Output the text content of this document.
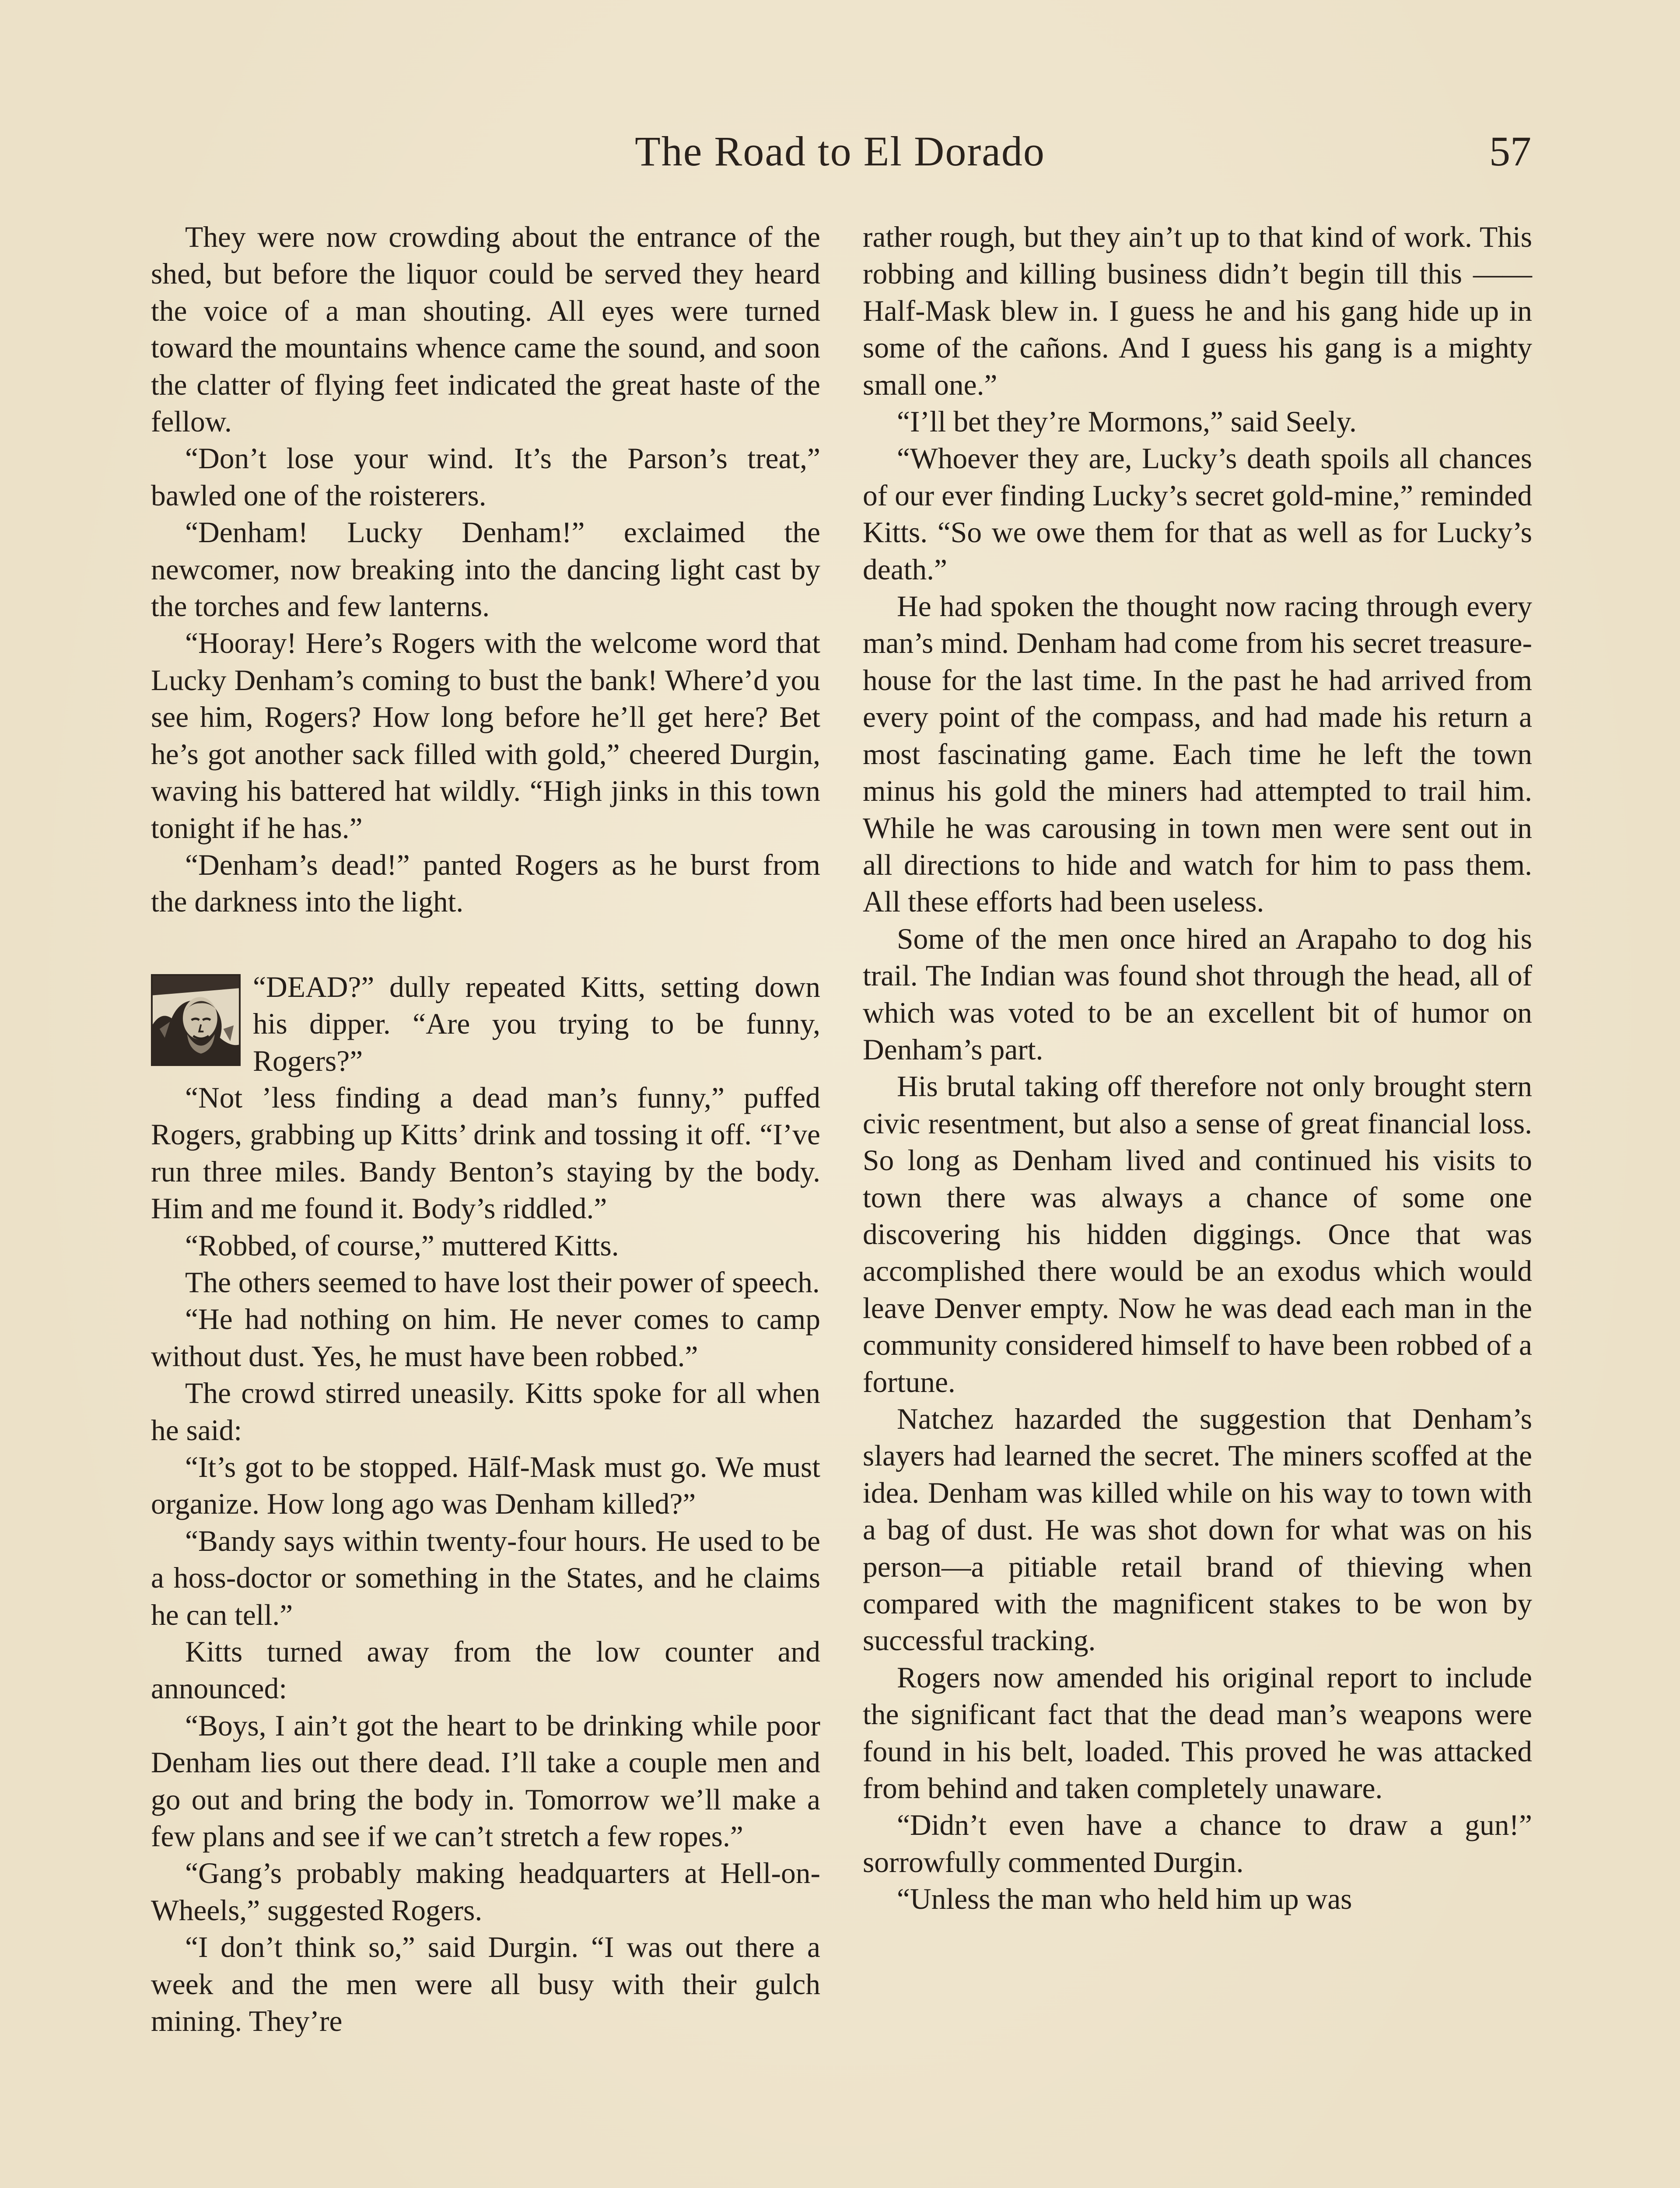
The Road to El Dorado	57

They were now crowding about the entrance of the shed, but before the liquor could be served they heard the voice of a man shouting. All eyes were turned toward the mountains whence came the sound, and soon the clatter of flying feet indicated the great haste of the fellow.

“Don’t lose your wind. It’s the Parson’s treat,” bawled one of the roisterers.

“Denham! Lucky Denham!” exclaimed the newcomer, now breaking into the dancing light cast by the torches and few lanterns.

“Hooray! Here’s Rogers with the welcome word that Lucky Denham’s coming to bust the bank! Where’d you see him, Rogers? How long before he’ll get here? Bet he’s got another sack filled with gold,” cheered Durgin, waving his battered hat wildly. “High jinks in this town tonight if he has.”

“Denham’s dead!” panted Rogers as he burst from the darkness into the light.

“DEAD?” dully repeated Kitts, setting down his dipper. “Are you trying to be funny, Rogers?”

“Not ’less finding a dead man’s funny,” puffed Rogers, grabbing up Kitts’ drink and tossing it off. “I’ve run three miles. Bandy Benton’s staying by the body. Him and me found it. Body’s riddled.”

“Robbed, of course,” muttered Kitts.

The others seemed to have lost their power of speech.

“He had nothing on him. He never comes to camp without dust. Yes, he must have been robbed.”

The crowd stirred uneasily. Kitts spoke for all when he said:

“It’s got to be stopped. Hālf-Mask must go. We must organize. How long ago was Denham killed?”

“Bandy says within twenty-four hours. He used to be a hoss-doctor or something in the States, and he claims he can tell.”

Kitts turned away from the low counter and announced:

“Boys, I ain’t got the heart to be drinking while poor Denham lies out there dead. I’ll take a couple men and go out and bring the body in. Tomorrow we’ll make a few plans and see if we can’t stretch a few ropes.”

“Gang’s probably making headquarters at Hell-on-Wheels,” suggested Rogers.

“I don’t think so,” said Durgin. “I was out there a week and the men were all busy with their gulch mining. They’re

rather rough, but they ain’t up to that kind of work. This robbing and killing business didn’t begin till this —— Half-Mask blew in. I guess he and his gang hide up in some of the cañons. And I guess his gang is a mighty small one.”

“I’ll bet they’re Mormons,” said Seely.

“Whoever they are, Lucky’s death spoils all chances of our ever finding Lucky’s secret gold-mine,” reminded Kitts. “So we owe them for that as well as for Lucky’s death.”

He had spoken the thought now racing through every man’s mind. Denham had come from his secret treasure-house for the last time. In the past he had arrived from every point of the compass, and had made his return a most fascinating game. Each time he left the town minus his gold the miners had attempted to trail him. While he was carousing in town men were sent out in all directions to hide and watch for him to pass them. All these efforts had been useless.

Some of the men once hired an Arapaho to dog his trail. The Indian was found shot through the head, all of which was voted to be an excellent bit of humor on Denham’s part.

His brutal taking off therefore not only brought stern civic resentment, but also a sense of great financial loss. So long as Denham lived and continued his visits to town there was always a chance of some one discovering his hidden diggings. Once that was accomplished there would be an exodus which would leave Denver empty. Now he was dead each man in the community considered himself to have been robbed of a fortune.

Natchez hazarded the suggestion that Denham’s slayers had learned the secret. The miners scoffed at the idea. Denham was killed while on his way to town with a bag of dust. He was shot down for what was on his person—a pitiable retail brand of thieving when compared with the magnificent stakes to be won by successful tracking.

Rogers now amended his original report to include the significant fact that the dead man’s weapons were found in his belt, loaded. This proved he was attacked from behind and taken completely unaware.

“Didn’t even have a chance to draw a gun!” sorrowfully commented Durgin.

“Unless the man who held him up was
